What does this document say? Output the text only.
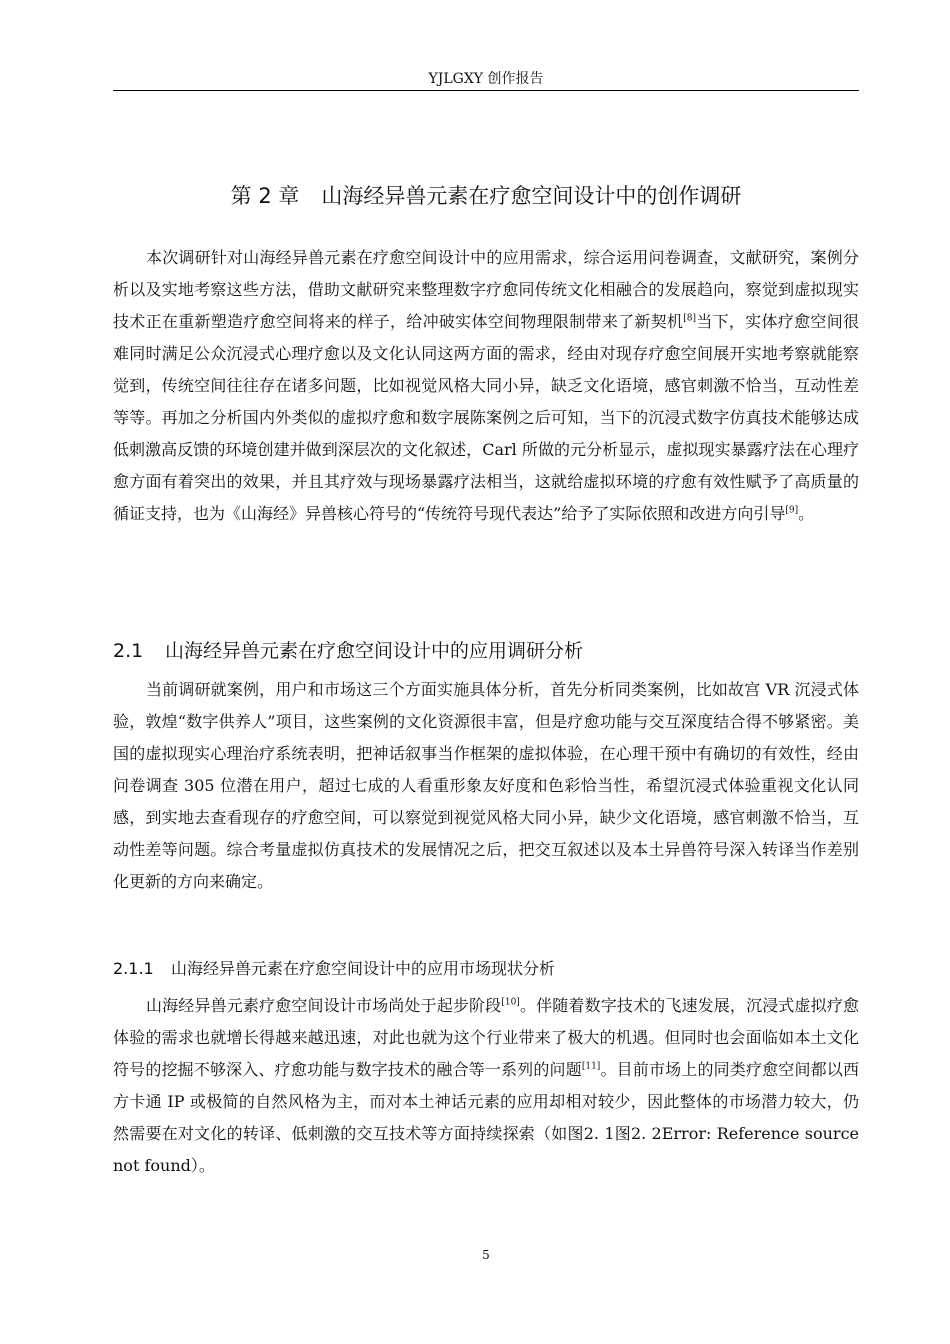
YJLGXY 创作报告
第 2 章 山海经异兽元素在疗愈空间设计中的创作调研
本次调研针对山海经异兽元素在疗愈空间设计中的应用需求，综合运用问卷调查，文献研究，案例分析以及实地考察这些方法，借助文献研究来整理数字疗愈同传统文化相融合的发展趋向，察觉到虚拟现实技术正在重新塑造疗愈空间将来的样子，给冲破实体空间物理限制带来了新契机[8]当下，实体疗愈空间很难同时满足公众沉浸式心理疗愈以及文化认同这两方面的需求，经由对现存疗愈空间展开实地考察就能察觉到，传统空间往往存在诸多问题，比如视觉风格大同小异，缺乏文化语境，感官刺激不恰当，互动性差等等。再加之分析国内外类似的虚拟疗愈和数字展陈案例之后可知，当下的沉浸式数字仿真技术能够达成低刺激高反馈的环境创建并做到深层次的文化叙述，Carl 所做的元分析显示，虚拟现实暴露疗法在心理疗愈方面有着突出的效果，并且其疗效与现场暴露疗法相当，这就给虚拟环境的疗愈有效性赋予了高质量的循证支持，也为《山海经》异兽核心符号的“传统符号现代表达”给予了实际依照和改进方向引导[9]。
2.1 山海经异兽元素在疗愈空间设计中的应用调研分析
当前调研就案例，用户和市场这三个方面实施具体分析，首先分析同类案例，比如故宫 VR 沉浸式体验，敦煌“数字供养人”项目，这些案例的文化资源很丰富，但是疗愈功能与交互深度结合得不够紧密。美国的虚拟现实心理治疗系统表明，把神话叙事当作框架的虚拟体验，在心理干预中有确切的有效性，经由问卷调查 305 位潜在用户，超过七成的人看重形象友好度和色彩恰当性，希望沉浸式体验重视文化认同感，到实地去查看现存的疗愈空间，可以察觉到视觉风格大同小异，缺少文化语境，感官刺激不恰当，互动性差等问题。综合考量虚拟仿真技术的发展情况之后，把交互叙述以及本土异兽符号深入转译当作差别化更新的方向来确定。
2.1.1 山海经异兽元素在疗愈空间设计中的应用市场现状分析
山海经异兽元素疗愈空间设计市场尚处于起步阶段[10]。伴随着数字技术的飞速发展，沉浸式虚拟疗愈体验的需求也就增长得越来越迅速，对此也就为这个行业带来了极大的机遇。但同时也会面临如本土文化符号的挖掘不够深入、疗愈功能与数字技术的融合等一系列的问题[11]。目前市场上的同类疗愈空间都以西方卡通 IP 或极简的自然风格为主，而对本土神话元素的应用却相对较少，因此整体的市场潜力较大，仍然需要在对文化的转译、低刺激的交互技术等方面持续探索（如图2. 1图2. 2Error: Reference source not found）。
5
